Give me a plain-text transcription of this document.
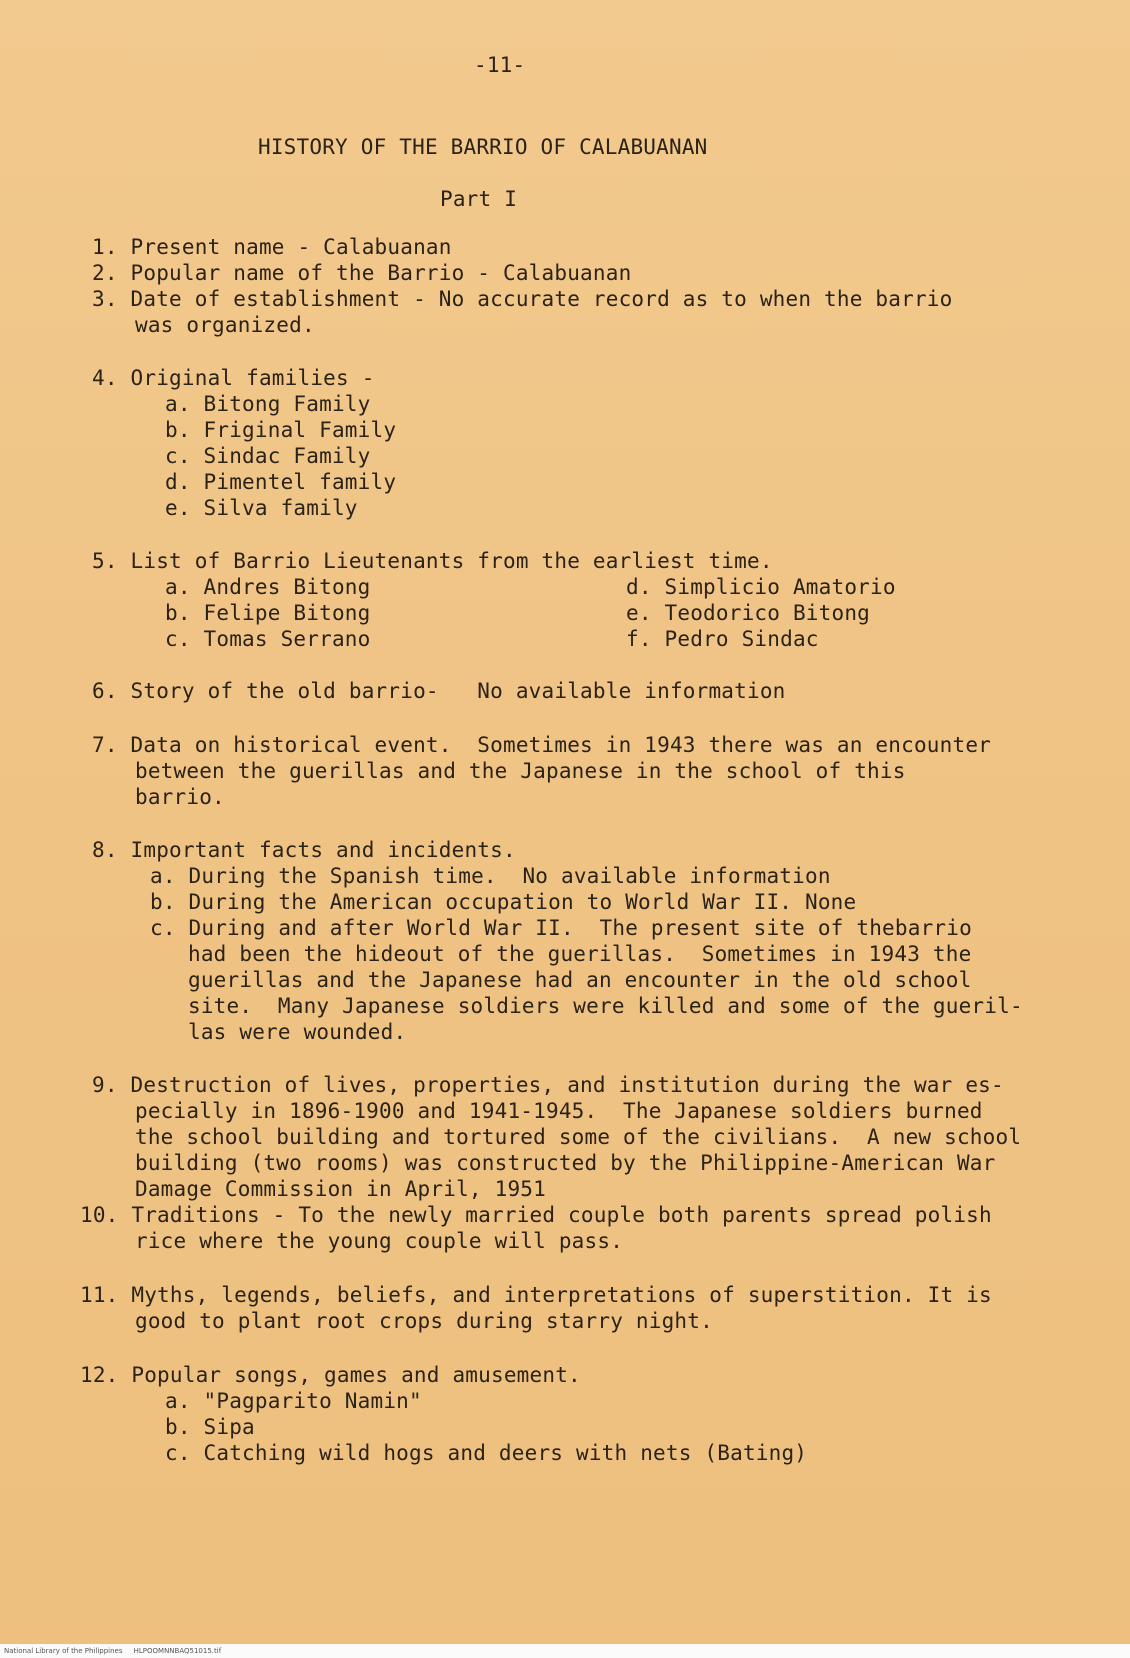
-11-
HISTORY OF THE BARRIO OF CALABUANAN
Part I
1. Present name - Calabuanan
2. Popular name of the Barrio - Calabuanan
3. Date of establishment - No accurate record as to when the barrio
was organized.
4. Original families -
a. Bitong Family
b. Friginal Family
c. Sindac Family
d. Pimentel family
e. Silva family
5. List of Barrio Lieutenants from the earliest time.
a. Andres Bitong
b. Felipe Bitong
c. Tomas Serrano
d. Simplicio Amatorio
e. Teodorico Bitong
f. Pedro Sindac
6. Story of the old barrio-   No available information
7. Data on historical event.  Sometimes in 1943 there was an encounter
between the guerillas and the Japanese in the school of this
barrio.
8. Important facts and incidents.
a. During the Spanish time.  No available information
b. During the American occupation to World War II. None
c. During and after World War II.  The present site of thebarrio
had been the hideout of the guerillas.  Sometimes in 1943 the
guerillas and the Japanese had an encounter in the old school
site.  Many Japanese soldiers were killed and some of the gueril-
las were wounded.
9. Destruction of lives, properties, and institution during the war es-
pecially in 1896-1900 and 1941-1945.  The Japanese soldiers burned
the school building and tortured some of the civilians.  A new school
building (two rooms) was constructed by the Philippine-American War
Damage Commission in April, 1951
10. Traditions - To the newly married couple both parents spread polish
rice where the young couple will pass.
11. Myths, legends, beliefs, and interpretations of superstition. It is
good to plant root crops during starry night.
12. Popular songs, games and amusement.
a. "Pagparito Namin"
b. Sipa
c. Catching wild hogs and deers with nets (Bating)
National Library of the Philippines     HLPOOMNNBAQ51015.tif
